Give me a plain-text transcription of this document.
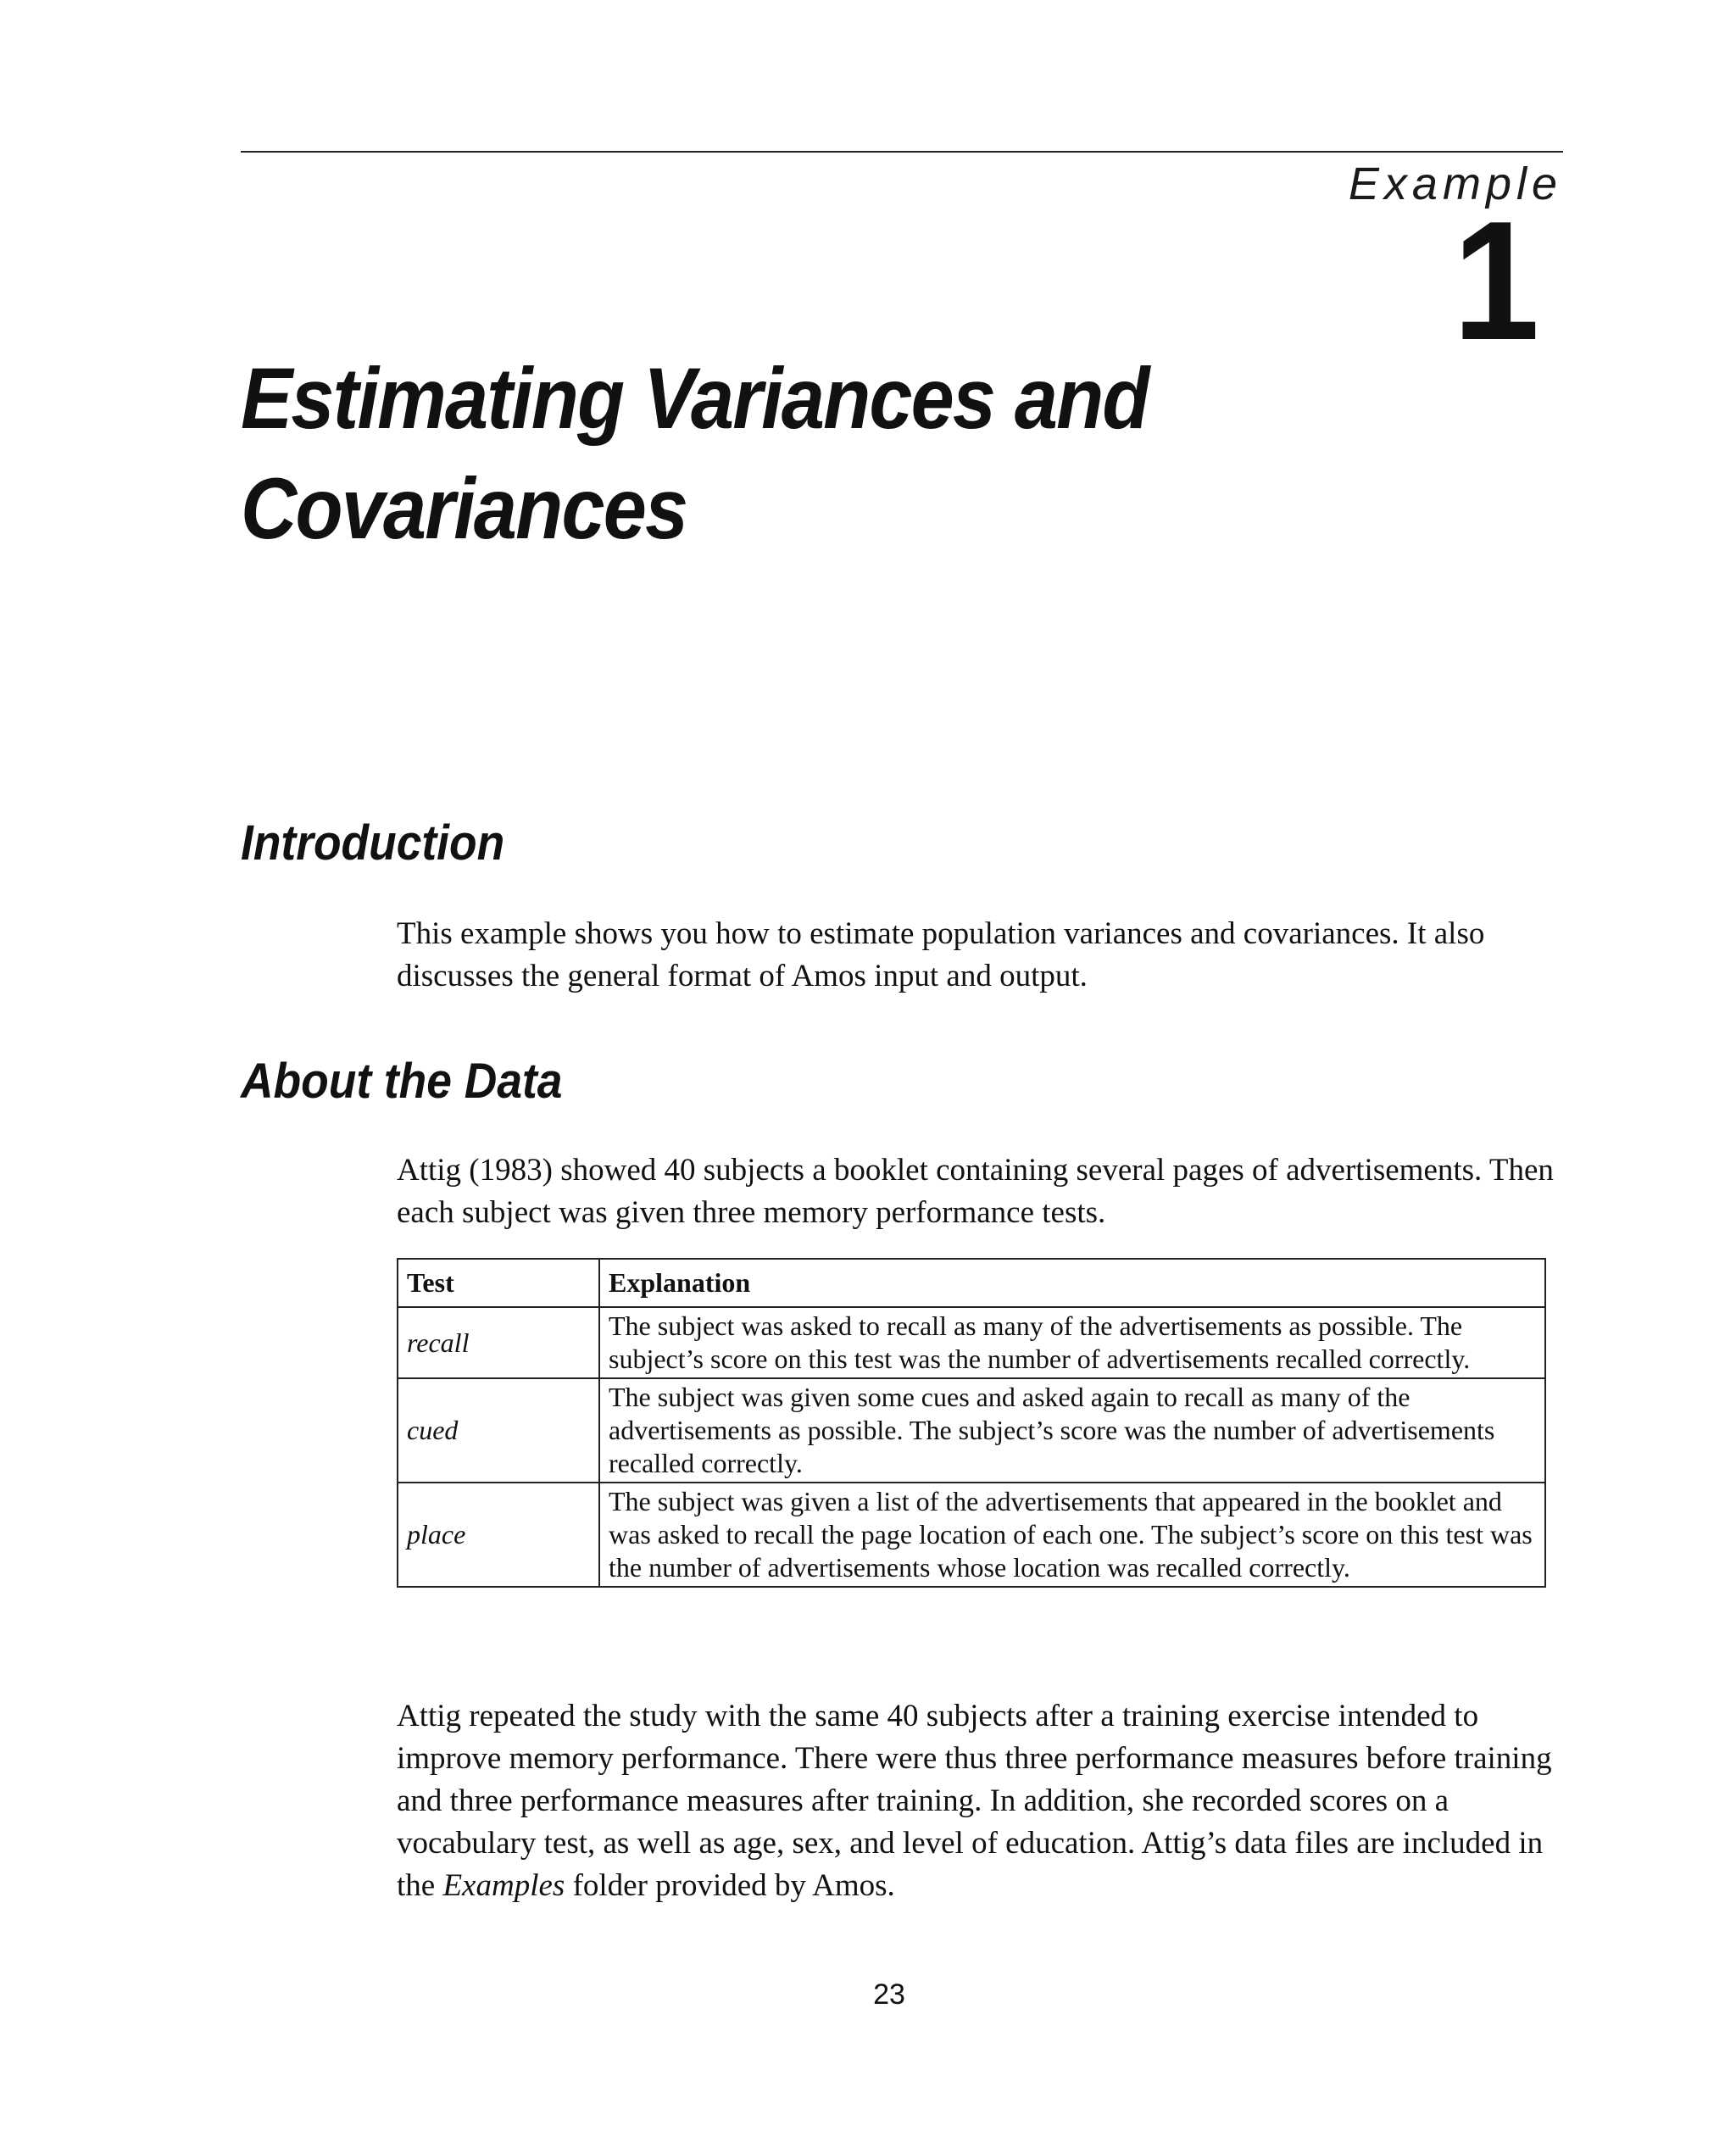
Example
1
Estimating Variances and
Covariances
Introduction

This example shows you how to estimate population variances and covariances. It also discusses the general format of Amos input and output.

About the Data

Attig (1983) showed 40 subjects a booklet containing several pages of advertisements. Then each subject was given three memory performance tests.

Test	Explanation
recall	The subject was asked to recall as many of the advertisements as possible. The subject’s score on this test was the number of advertisements recalled correctly.
cued	The subject was given some cues and asked again to recall as many of the advertisements as possible. The subject’s score was the number of advertisements recalled correctly.
place	The subject was given a list of the advertisements that appeared in the booklet and was asked to recall the page location of each one. The subject’s score on this test was the number of advertisements whose location was recalled correctly.

Attig repeated the study with the same 40 subjects after a training exercise intended to improve memory performance. There were thus three performance measures before training and three performance measures after training. In addition, she recorded scores on a vocabulary test, as well as age, sex, and level of education. Attig’s data files are included in the Examples folder provided by Amos.

23
